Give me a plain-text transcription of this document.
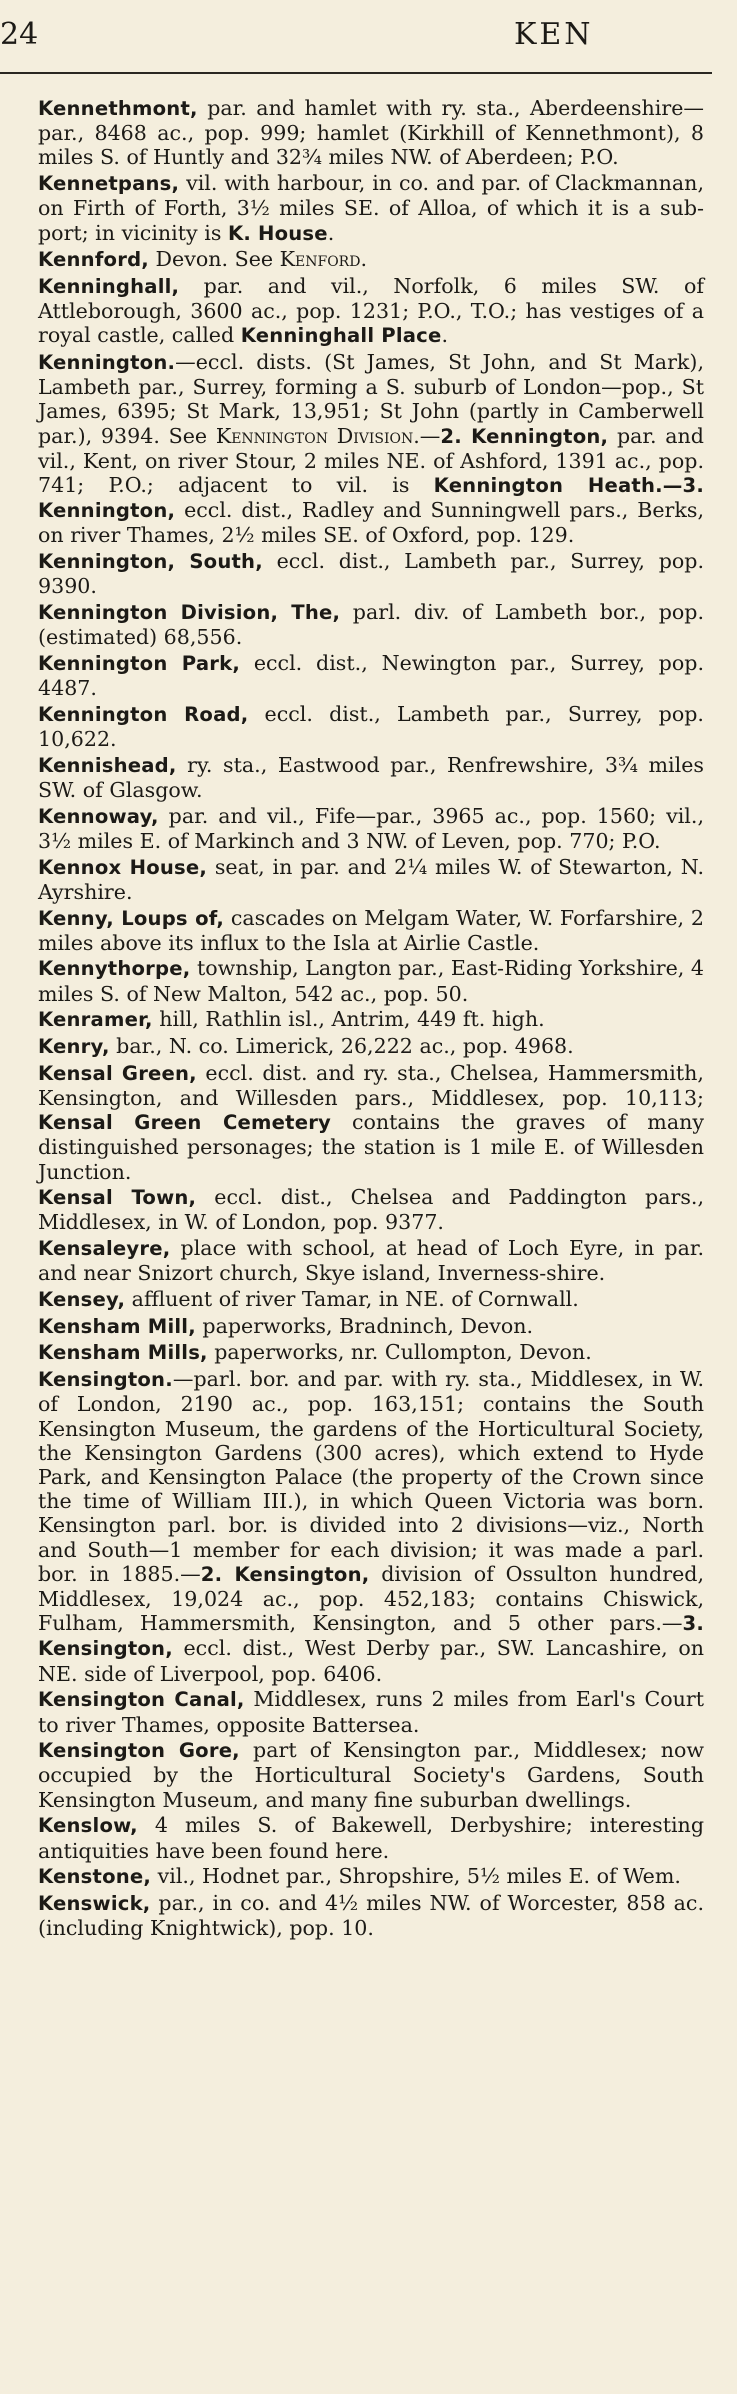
24	KEN
Kennethmont, par. and hamlet with ry. sta., Aberdeenshire—par., 8468 ac., pop. 999; hamlet (Kirkhill of Kennethmont), 8 miles S. of Huntly and 32¾ miles NW. of Aberdeen; P.O.
Kennetpans, vil. with harbour, in co. and par. of Clackmannan, on Firth of Forth, 3½ miles SE. of Alloa, of which it is a sub-port; in vicinity is K. House.
Kennford, Devon. See Kenford.
Kenninghall, par. and vil., Norfolk, 6 miles SW. of Attleborough, 3600 ac., pop. 1231; P.O., T.O.; has vestiges of a royal castle, called Kenninghall Place.
Kennington.—eccl. dists. (St James, St John, and St Mark), Lambeth par., Surrey, forming a S. suburb of London—pop., St James, 6395; St Mark, 13,951; St John (partly in Camberwell par.), 9394. See Kennington Division.—2. Kennington, par. and vil., Kent, on river Stour, 2 miles NE. of Ashford, 1391 ac., pop. 741; P.O.; adjacent to vil. is Kennington Heath.—3. Kennington, eccl. dist., Radley and Sunningwell pars., Berks, on river Thames, 2½ miles SE. of Oxford, pop. 129.
Kennington, South, eccl. dist., Lambeth par., Surrey, pop. 9390.
Kennington Division, The, parl. div. of Lambeth bor., pop. (estimated) 68,556.
Kennington Park, eccl. dist., Newington par., Surrey, pop. 4487.
Kennington Road, eccl. dist., Lambeth par., Surrey, pop. 10,622.
Kennishead, ry. sta., Eastwood par., Renfrewshire, 3¾ miles SW. of Glasgow.
Kennoway, par. and vil., Fife—par., 3965 ac., pop. 1560; vil., 3½ miles E. of Markinch and 3 NW. of Leven, pop. 770; P.O.
Kennox House, seat, in par. and 2¼ miles W. of Stewarton, N. Ayrshire.
Kenny, Loups of, cascades on Melgam Water, W. Forfarshire, 2 miles above its influx to the Isla at Airlie Castle.
Kennythorpe, township, Langton par., East-Riding Yorkshire, 4 miles S. of New Malton, 542 ac., pop. 50.
Kenramer, hill, Rathlin isl., Antrim, 449 ft. high.
Kenry, bar., N. co. Limerick, 26,222 ac., pop. 4968.
Kensal Green, eccl. dist. and ry. sta., Chelsea, Hammersmith, Kensington, and Willesden pars., Middlesex, pop. 10,113; Kensal Green Cemetery contains the graves of many distinguished personages; the station is 1 mile E. of Willesden Junction.
Kensal Town, eccl. dist., Chelsea and Paddington pars., Middlesex, in W. of London, pop. 9377.
Kensaleyre, place with school, at head of Loch Eyre, in par. and near Snizort church, Skye island, Inverness-shire.
Kensey, affluent of river Tamar, in NE. of Cornwall.
Kensham Mill, paperworks, Bradninch, Devon.
Kensham Mills, paperworks, nr. Cullompton, Devon.
Kensington.—parl. bor. and par. with ry. sta., Middlesex, in W. of London, 2190 ac., pop. 163,151; contains the South Kensington Museum, the gardens of the Horticultural Society, the Kensington Gardens (300 acres), which extend to Hyde Park, and Kensington Palace (the property of the Crown since the time of William III.), in which Queen Victoria was born. Kensington parl. bor. is divided into 2 divisions—viz., North and South—1 member for each division; it was made a parl. bor. in 1885.—2. Kensington, division of Ossulton hundred, Middlesex, 19,024 ac., pop. 452,183; contains Chiswick, Fulham, Hammersmith, Kensington, and 5 other pars.—3. Kensington, eccl. dist., West Derby par., SW. Lancashire, on NE. side of Liverpool, pop. 6406.
Kensington Canal, Middlesex, runs 2 miles from Earl's Court to river Thames, opposite Battersea.
Kensington Gore, part of Kensington par., Middlesex; now occupied by the Horticultural Society's Gardens, South Kensington Museum, and many fine suburban dwellings.
Kenslow, 4 miles S. of Bakewell, Derbyshire; interesting antiquities have been found here.
Kenstone, vil., Hodnet par., Shropshire, 5½ miles E. of Wem.
Kenswick, par., in co. and 4½ miles NW. of Worcester, 858 ac. (including Knightwick), pop. 10.
